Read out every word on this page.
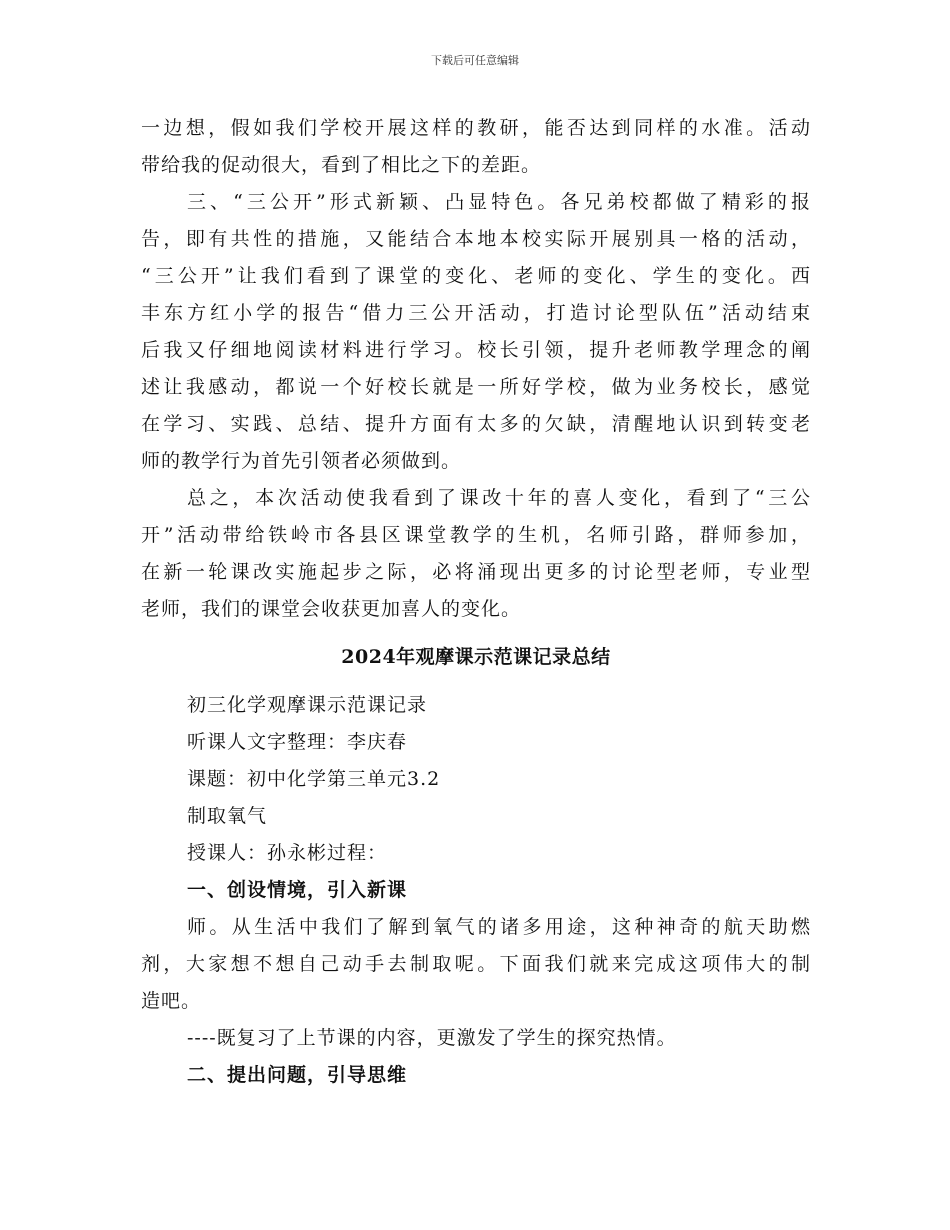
下载后可任意编辑

一边想，假如我们学校开展这样的教研，能否达到同样的水准。活动
带给我的促动很大，看到了相比之下的差距。

三、“三公开”形式新颖、凸显特色。各兄弟校都做了精彩的报
告，即有共性的措施，又能结合本地本校实际开展别具一格的活动，
“三公开”让我们看到了课堂的变化、老师的变化、学生的变化。西
丰东方红小学的报告“借力三公开活动，打造讨论型队伍”活动结束
后我又仔细地阅读材料进行学习。校长引领，提升老师教学理念的阐
述让我感动，都说一个好校长就是一所好学校，做为业务校长，感觉
在学习、实践、总结、提升方面有太多的欠缺，清醒地认识到转变老
师的教学行为首先引领者必须做到。

总之，本次活动使我看到了课改十年的喜人变化，看到了“三公
开”活动带给铁岭市各县区课堂教学的生机，名师引路，群师参加，
在新一轮课改实施起步之际，必将涌现出更多的讨论型老师，专业型
老师，我们的课堂会收获更加喜人的变化。

2024年观摩课示范课记录总结

初三化学观摩课示范课记录

听课人文字整理：李庆春

课题：初中化学第三单元3.2

制取氧气

授课人：孙永彬过程：

一、创设情境，引入新课

师。从生活中我们了解到氧气的诸多用途，这种神奇的航天助燃
剂，大家想不想自己动手去制取呢。下面我们就来完成这项伟大的制
造吧。

----既复习了上节课的内容，更激发了学生的探究热情。

二、提出问题，引导思维
